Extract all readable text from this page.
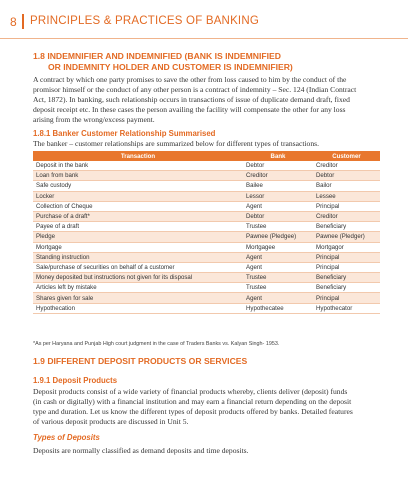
8 PRINCIPLES & PRACTICES OF BANKING
1.8 INDEMNIFIER AND INDEMNIFIED (BANK IS INDEMNIFIED
OR INDEMNITY HOLDER AND CUSTOMER IS INDEMNIFIER)
A contract by which one party promises to save the other from loss caused to him by the conduct of the
promisor himself or the conduct of any other person is a contract of indemnity – Sec. 124 (Indian Contract
Act, 1872). In banking, such relationship occurs in transactions of issue of duplicate demand draft, fixed
deposit receipt etc. In these cases the person availing the facility will compensate the other for any loss
arising from the wrong/excess payment.
1.8.1 Banker Customer Relationship Summarised
The banker – customer relationships are summarized below for different types of transactions.
Transaction	Bank	Customer
Deposit in the bank	Debtor	Creditor
Loan from bank	Creditor	Debtor
Safe custody	Bailee	Bailor
Locker	Lessor	Lessee
Collection of Cheque	Agent	Principal
Purchase of a draft*	Debtor	Creditor
Payee of a draft	Trustee	Beneficiary
Pledge	Pawnee (Pledgee)	Pawnee (Pledger)
Mortgage	Mortgagee	Mortgagor
Standing instruction	Agent	Principal
Sale/purchase of securities on behalf of a customer	Agent	Principal
Money deposited but instructions not given for its disposal	Trustee	Beneficiary
Articles left by mistake	Trustee	Beneficiary
Shares given for sale	Agent	Principal
Hypothecation	Hypothecatee	Hypothecator
*As per Haryana and Punjab High court judgment in the case of Traders Banks vs. Kalyan Singh- 1953.
1.9 DIFFERENT DEPOSIT PRODUCTS OR SERVICES
1.9.1 Deposit Products
Deposit products consist of a wide variety of financial products whereby, clients deliver (deposit) funds
(in cash or digitally) with a financial institution and may earn a financial return depending on the deposit
type and duration. Let us know the different types of deposit products offered by banks. Detailed features
of various deposit products are discussed in Unit 5.
Types of Deposits
Deposits are normally classified as demand deposits and time deposits.
